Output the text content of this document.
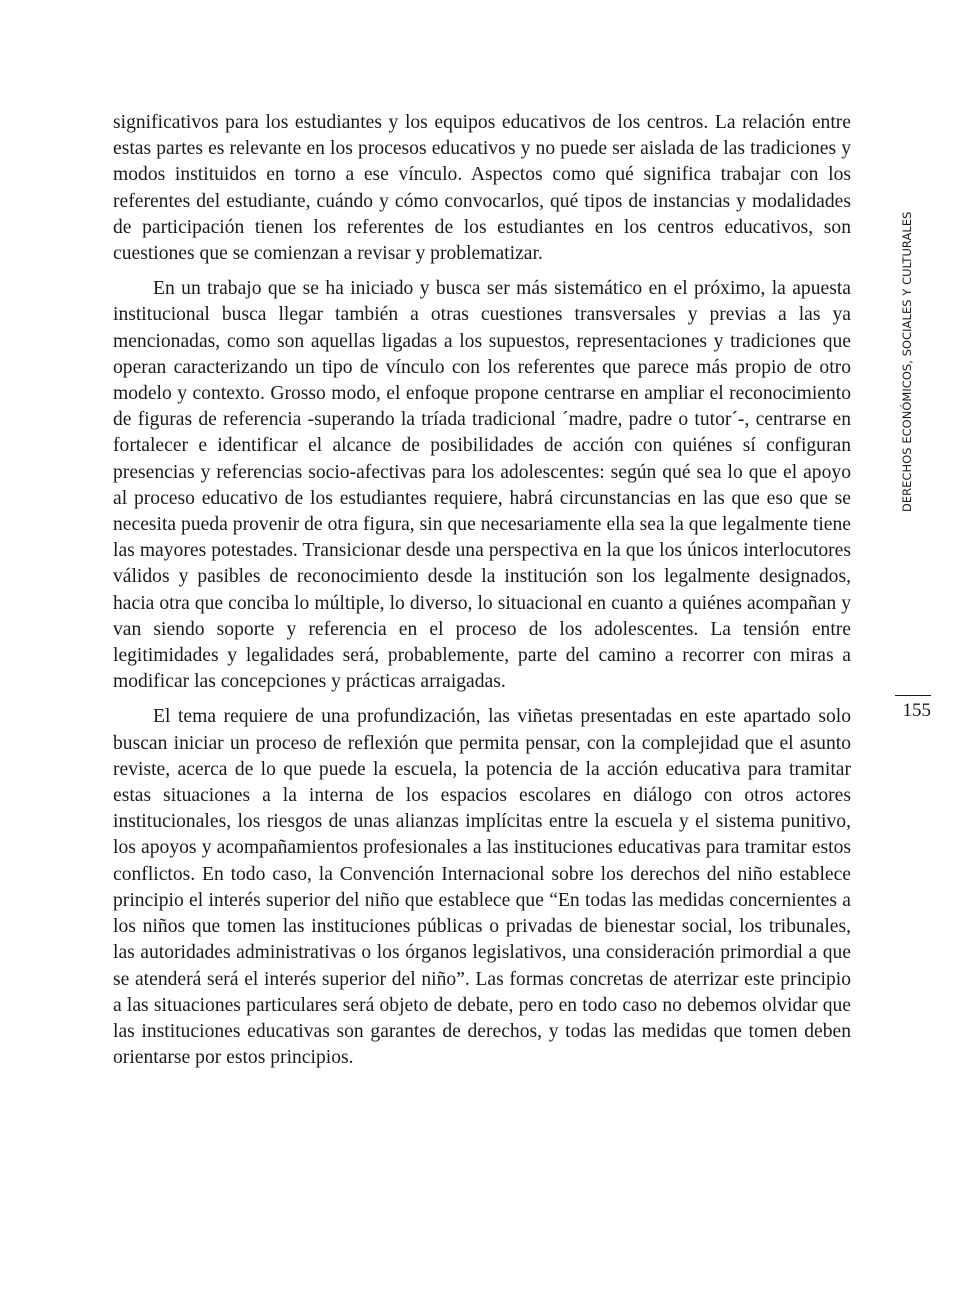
significativos para los estudiantes y los equipos educativos de los centros. La relación entre estas partes es relevante en los procesos educativos y no puede ser aislada de las tradiciones y modos instituidos en torno a ese vínculo. Aspectos como qué significa trabajar con los referentes del estudiante, cuándo y cómo convocarlos, qué tipos de instancias y modalidades de participación tienen los referentes de los estudiantes en los centros educativos, son cuestiones que se comienzan a revisar y problematizar.

En un trabajo que se ha iniciado y busca ser más sistemático en el próximo, la apuesta institucional busca llegar también a otras cuestiones transversales y previas a las ya mencionadas, como son aquellas ligadas a los supuestos, representaciones y tradiciones que operan caracterizando un tipo de vínculo con los referentes que parece más propio de otro modelo y contexto. Grosso modo, el enfoque propone centrarse en ampliar el reconocimiento de figuras de referencia -superando la tríada tradicional ´madre, padre o tutor´-, centrarse en fortalecer e identificar el alcance de posibilidades de acción con quiénes sí configuran presencias y referencias socio-afectivas para los adolescentes: según qué sea lo que el apoyo al proceso educativo de los estudiantes requiere, habrá circunstancias en las que eso que se necesita pueda provenir de otra figura, sin que necesariamente ella sea la que legalmente tiene las mayores potestades. Transicionar desde una perspectiva en la que los únicos interlocutores válidos y pasibles de reconocimiento desde la institución son los legalmente designados, hacia otra que conciba lo múltiple, lo diverso, lo situacional en cuanto a quiénes acompañan y van siendo soporte y referencia en el proceso de los adolescentes. La tensión entre legitimidades y legalidades será, probablemente, parte del camino a recorrer con miras a modificar las concepciones y prácticas arraigadas.

El tema requiere de una profundización, las viñetas presentadas en este apartado solo buscan iniciar un proceso de reflexión que permita pensar, con la complejidad que el asunto reviste, acerca de lo que puede la escuela, la potencia de la acción educativa para tramitar estas situaciones a la interna de los espacios escolares en diálogo con otros actores institucionales, los riesgos de unas alianzas implícitas entre la escuela y el sistema punitivo, los apoyos y acompañamientos profesionales a las instituciones educativas para tramitar estos conflictos. En todo caso, la Convención Internacional sobre los derechos del niño establece principio el interés superior del niño que establece que “En todas las medidas concernientes a los niños que tomen las instituciones públicas o privadas de bienestar social, los tribunales, las autoridades administrativas o los órganos legislativos, una consideración primordial a que se atenderá será el interés superior del niño”. Las formas concretas de aterrizar este principio a las situaciones particulares será objeto de debate, pero en todo caso no debemos olvidar que las instituciones educativas son garantes de derechos, y todas las medidas que tomen deben orientarse por estos principios.

DERECHOS ECONÓMICOS, SOCIALES Y CULTURALES
155
